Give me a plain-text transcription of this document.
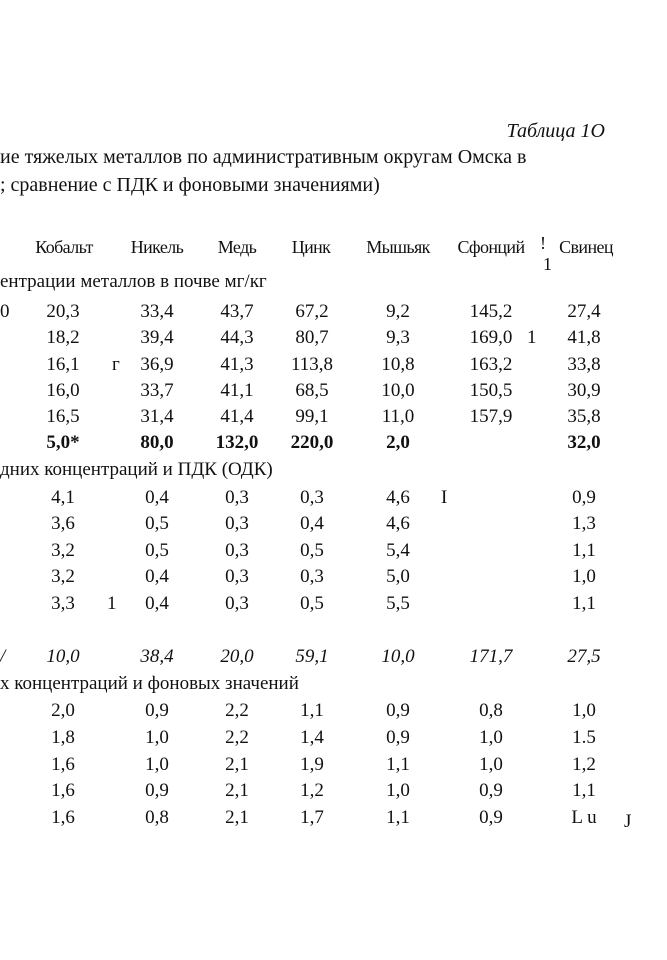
Таблица 1О
ие тяжелых металлов по административным округам Омска в
; сравнение с ПДК и фоновыми значениями)
Кобальт Никель Медь Цинк Мышьяк Сфонций Свинец
!
1
ентрации металлов в почве мг/кг
дних концентраций и ПДК (ОДК)
х концентраций и фоновых значений
20,3	33,4 43,7 67,2	9,2	145,2	27,4
18,2	39,4 44,3 80,7	9,3	169,0	41,8
16,1	36,9 41,3 113,8	10,8	163,2	33,8
16,0	33,7 41,1 68,5	10,0	150,5	30,9
16,5	31,4 41,4 99,1	11,0	157,9	35,8
5,0*	80,0 132,0 220,0	2,0	32,0
4,1	0,4	0,3	0,3	4,6	0,9
3,6	0,5	0,3	0,4	4,6	1,3
3,2	0,5	0,3	0,5	5,4	1,1
3,2	0,4	0,3	0,3	5,0	1,0
3,3	0,4	0,3	0,5	5,5	1,1
10,0	38,4 20,0 59,1	10,0	171,7	27,5
2,0	0,9	2,2	1,1	0,9	0,8	1,0
1,8	1,0	2,2	1,4	0,9	1,0	1.5
1,6	1,0	2,1	1,9	1,1	1,0	1,2
1,6	0,9	2,1	1,2	1,0	0,9	1,1
1,6	0,8	2,1	1,7	1,1	0,9	L u
0
1
г
I
1
/
J
